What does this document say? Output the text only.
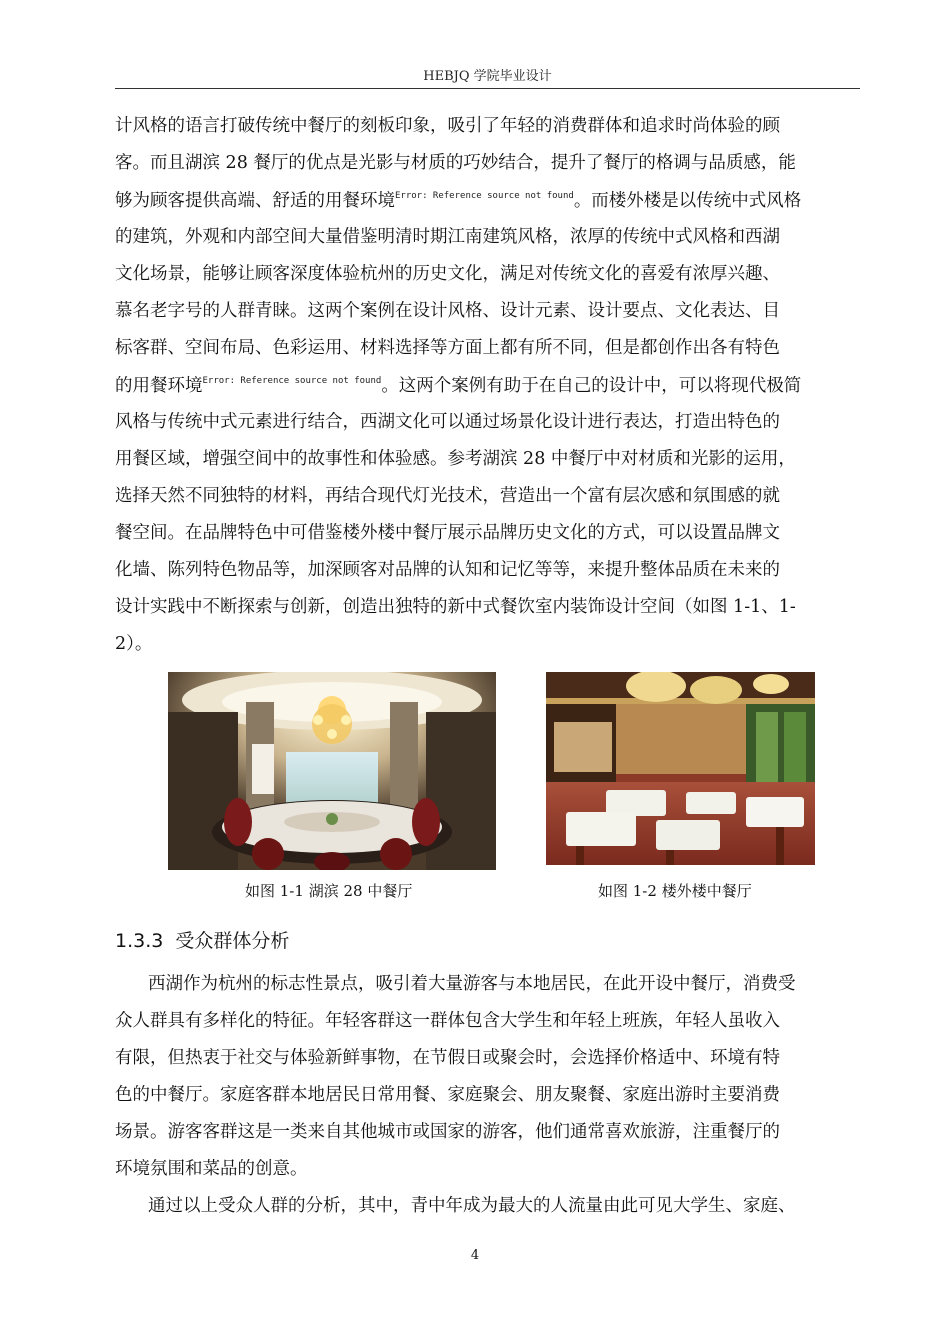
HEBJQ 学院毕业设计
计风格的语言打破传统中餐厅的刻板印象，吸引了年轻的消费群体和追求时尚体验的顾
客。而且湖滨 28 餐厅的优点是光影与材质的巧妙结合，提升了餐厅的格调与品质感，能
够为顾客提供高端、舒适的用餐环境$^{Error: Reference source not found}$。而楼外楼是以传统中式风格
的建筑，外观和内部空间大量借鉴明清时期江南建筑风格，浓厚的传统中式风格和西湖
文化场景，能够让顾客深度体验杭州的历史文化，满足对传统文化的喜爱有浓厚兴趣、
慕名老字号的人群青睐。这两个案例在设计风格、设计元素、设计要点、文化表达、目
标客群、空间布局、色彩运用、材料选择等方面上都有所不同，但是都创作出各有特色
的用餐环境$^{Error: Reference source not found}$。这两个案例有助于在自己的设计中，可以将现代极简
风格与传统中式元素进行结合，西湖文化可以通过场景化设计进行表达，打造出特色的
用餐区域，增强空间中的故事性和体验感。参考湖滨 28 中餐厅中对材质和光影的运用，
选择天然不同独特的材料，再结合现代灯光技术，营造出一个富有层次感和氛围感的就
餐空间。在品牌特色中可借鉴楼外楼中餐厅展示品牌历史文化的方式，可以设置品牌文
化墙、陈列特色物品等，加深顾客对品牌的认知和记忆等等，来提升整体品质在未来的
设计实践中不断探索与创新，创造出独特的新中式餐饮室内装饰设计空间（如图 1-1、1-
2）。
如图 1-1 湖滨 28 中餐厅	如图 1-2 楼外楼中餐厅
1.3.3 受众群体分析
西湖作为杭州的标志性景点，吸引着大量游客与本地居民，在此开设中餐厅，消费受
众人群具有多样化的特征。年轻客群这一群体包含大学生和年轻上班族，年轻人虽收入
有限，但热衷于社交与体验新鲜事物，在节假日或聚会时，会选择价格适中、环境有特
色的中餐厅。家庭客群本地居民日常用餐、家庭聚会、朋友聚餐、家庭出游时主要消费
场景。游客客群这是一类来自其他城市或国家的游客，他们通常喜欢旅游，注重餐厅的
环境氛围和菜品的创意。
通过以上受众人群的分析，其中，青中年成为最大的人流量由此可见大学生、家庭、
4
